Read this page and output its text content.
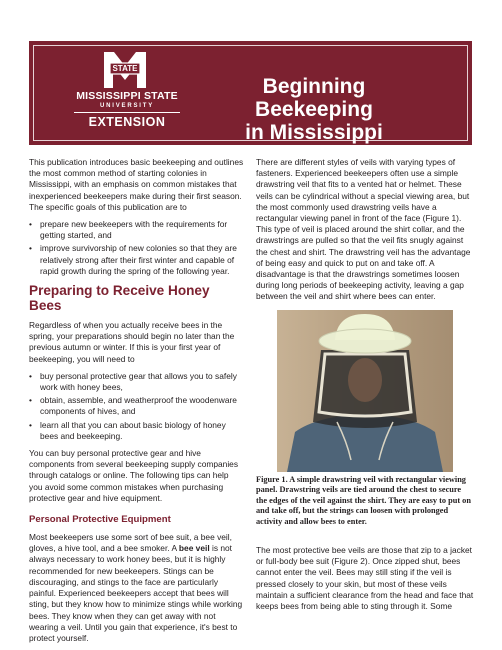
STATE
MISSISSIPPI STATE
UNIVERSITY
EXTENSION
Beginning Beekeeping
in Mississippi

This publication introduces basic beekeeping and outlines the most common method of starting colonies in Mississippi, with an emphasis on common mistakes that inexperienced beekeepers make during their first season. The specific goals of this publication are to

• prepare new beekeepers with the requirements for getting started, and
• improve survivorship of new colonies so that they are relatively strong after their first winter and capable of rapid growth during the spring of the following year.
Preparing to Receive Honey Bees

Regardless of when you actually receive bees in the spring, your preparations should begin no later than the previous autumn or winter. If this is your first year of beekeeping, you will need to

• buy personal protective gear that allows you to safely work with honey bees,
• obtain, assemble, and weatherproof the woodenware components of hives, and
• learn all that you can about basic biology of honey bees and beekeeping.

You can buy personal protective gear and hive components from several beekeeping supply companies through catalogs or online. The following tips can help you avoid some common mistakes when purchasing protective gear and hive equipment.

Personal Protective Equipment

Most beekeepers use some sort of bee suit, a bee veil, gloves, a hive tool, and a bee smoker. A bee veil is not always necessary to work honey bees, but it is highly recommended for new beekeepers. Stings can be discouraging, and stings to the face are particularly painful. Experienced beekeepers accept that bees will sting, but they know how to minimize stings while working bees. They know when they can get away with not wearing a veil. Until you gain that experience, it's best to protect yourself.

There are different styles of veils with varying types of fasteners. Experienced beekeepers often use a simple drawstring veil that fits to a vented hat or helmet. These veils can be cylindrical without a special viewing area, but the most commonly used drawstring veils have a rectangular viewing panel in front of the face (Figure 1). This type of veil is placed around the shirt collar, and the drawstrings are pulled so that the veil fits snugly against the chest and shirt. The drawstring veil has the advantage of being easy and quick to put on and take off. A disadvantage is that the drawstrings sometimes loosen during long periods of beekeeping activity, leaving a gap between the veil and shirt where bees can enter.

Figure 1. A simple drawstring veil with rectangular viewing panel. Drawstring veils are tied around the chest to secure the edges of the veil against the shirt. They are easy to put on and take off, but the strings can loosen with prolonged activity and allow bees to enter.
The most protective bee veils are those that zip to a jacket or full-body bee suit (Figure 2). Once zipped shut, bees cannot enter the veil. Bees may still sting if the veil is pressed closely to your skin, but most of these veils maintain a sufficient clearance from the head and face that keeps bees from being able to sting through it. Some
